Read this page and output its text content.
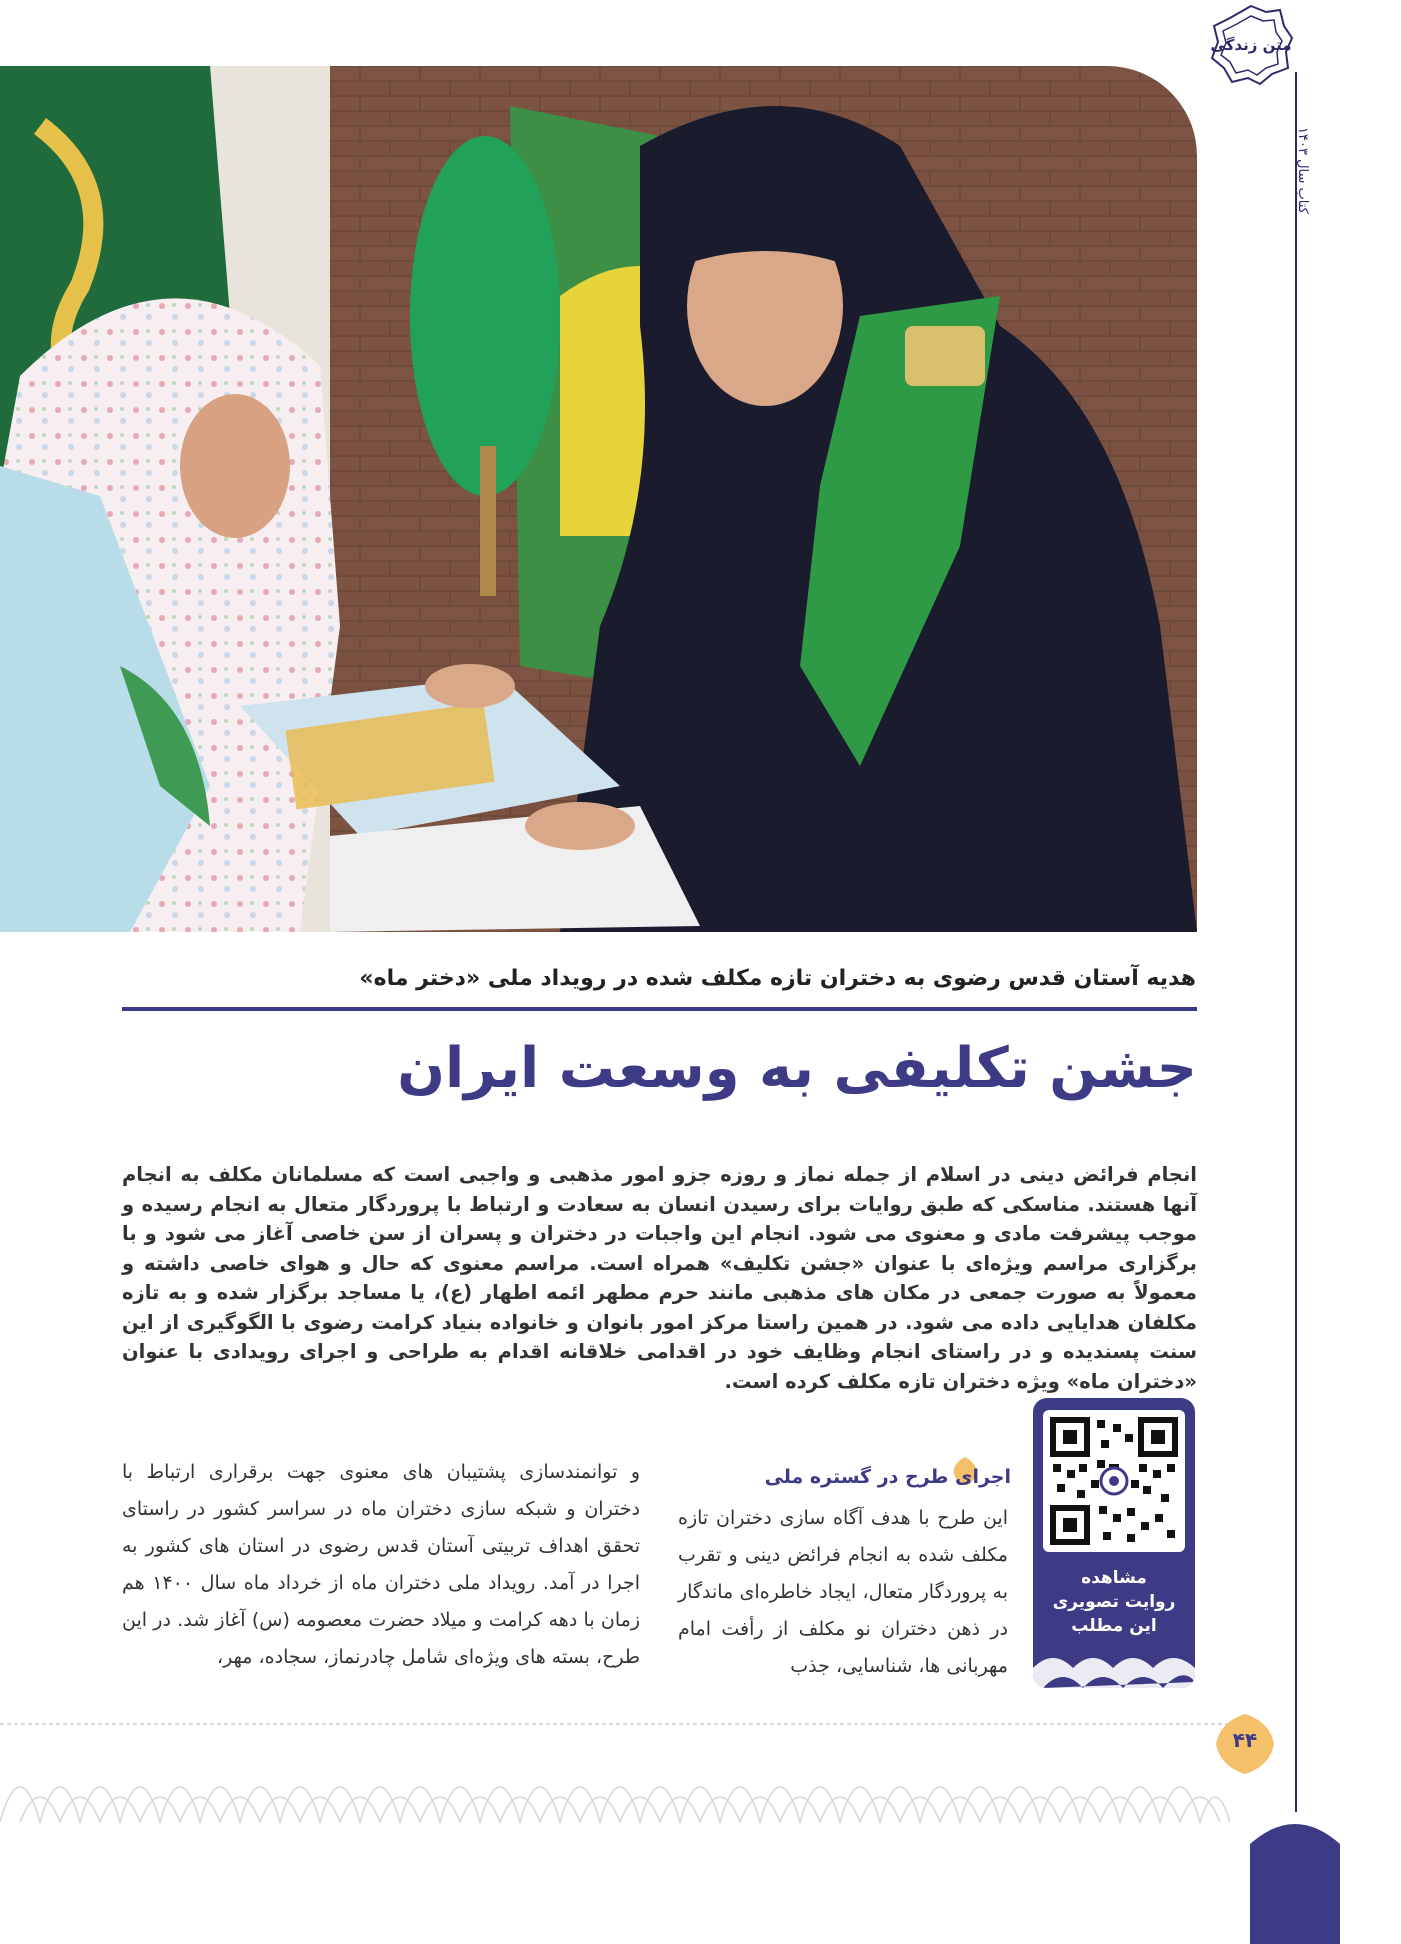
متن زندگی
کتاب سال ۱۴۰۳
هدیه آستان قدس رضوی به دختران تازه مکلف شده در رویداد ملی «دختر ماه»
جشن تکلیفی به وسعت ایران
انجام فرائض دینی در اسلام از جمله نماز و روزه جزو امور مذهبی و واجبی است که مسلمانان مکلف به انجام آنها هستند. مناسکی که طبق روایات برای رسیدن انسان به سعادت و ارتباط با پروردگار متعال به انجام رسیده و موجب پیشرفت مادی و معنوی می شود. انجام این واجبات در دختران و پسران از سن خاصی آغاز می شود و با برگزاری مراسم ویژه‌ای با عنوان «جشن تکلیف» همراه است. مراسم معنوی که حال و هوای خاصی داشته و معمولاً به صورت جمعی در مکان های مذهبی مانند حرم مطهر ائمه اطهار (ع)، یا مساجد برگزار شده و به تازه مکلفان هدایایی داده می شود. در همین راستا مرکز امور بانوان و خانواده بنیاد کرامت رضوی با الگوگیری از این سنت پسندیده و در راستای انجام وظایف خود در اقدامی خلاقانه اقدام به طراحی و اجرای رویدادی با عنوان «دختران ماه» ویژه دختران تازه مکلف کرده است.
مشاهده
روایت تصویری
این مطلب
اجرای طرح در گستره ملی
این طرح با هدف آگاه سازی دختران تازه مکلف شده به انجام فرائض دینی و تقرب به پروردگار متعال، ایجاد خاطره‌ای ماندگار در ذهن دختران نو مکلف از رأفت امام مهربانی ها، شناسایی، جذب
و توانمندسازی پشتیبان های معنوی جهت برقراری ارتباط با دختران و شبکه سازی دختران ماه در سراسر کشور در راستای تحقق اهداف تربیتی آستان قدس رضوی در استان های کشور به اجرا در آمد. رویداد ملی دختران ماه از خرداد ماه سال ۱۴۰۰ هم زمان با دهه کرامت و میلاد حضرت معصومه (س) آغاز شد. در این طرح، بسته های ویژه‌ای شامل چادرنماز، سجاده، مهر،
۴۴
